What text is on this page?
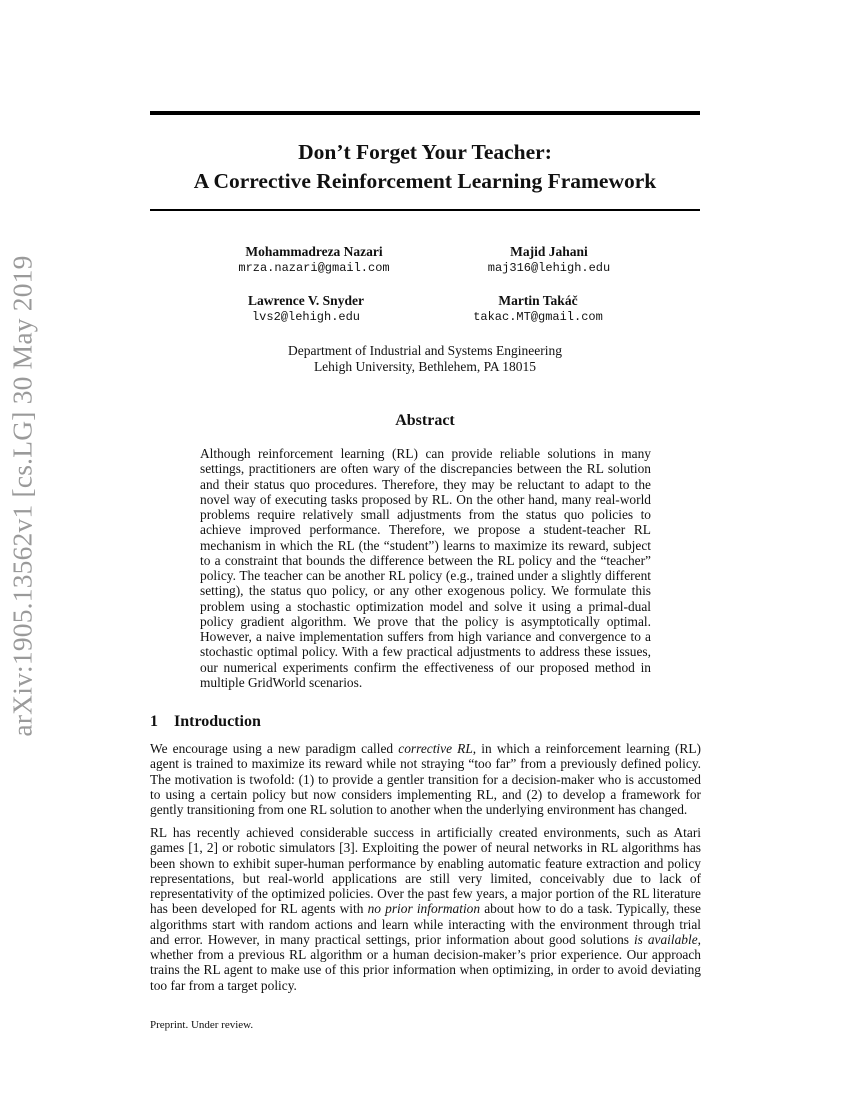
arXiv:1905.13562v1 [cs.LG] 30 May 2019
Don’t Forget Your Teacher:
A Corrective Reinforcement Learning Framework
Mohammadreza Nazari
mrza.nazari@gmail.com
Majid Jahani
maj316@lehigh.edu
Lawrence V. Snyder
lvs2@lehigh.edu
Martin Takáč
takac.MT@gmail.com
Department of Industrial and Systems Engineering
Lehigh University, Bethlehem, PA 18015
Abstract

Although reinforcement learning (RL) can provide reliable solutions in many settings, practitioners are often wary of the discrepancies between the RL solution and their status quo procedures. Therefore, they may be reluctant to adapt to the novel way of executing tasks proposed by RL. On the other hand, many real-world problems require relatively small adjustments from the status quo policies to achieve improved performance. Therefore, we propose a student-teacher RL mechanism in which the RL (the “student”) learns to maximize its reward, subject to a constraint that bounds the difference between the RL policy and the “teacher” policy. The teacher can be another RL policy (e.g., trained under a slightly different setting), the status quo policy, or any other exogenous policy. We formulate this problem using a stochastic optimization model and solve it using a primal-dual policy gradient algorithm. We prove that the policy is asymptotically optimal. However, a naive implementation suffers from high variance and convergence to a stochastic optimal policy. With a few practical adjustments to address these issues, our numerical experiments confirm the effectiveness of our proposed method in multiple GridWorld scenarios.

1 Introduction

We encourage using a new paradigm called corrective RL, in which a reinforcement learning (RL) agent is trained to maximize its reward while not straying “too far” from a previously defined policy. The motivation is twofold: (1) to provide a gentler transition for a decision-maker who is accustomed to using a certain policy but now considers implementing RL, and (2) to develop a framework for gently transitioning from one RL solution to another when the underlying environment has changed.

RL has recently achieved considerable success in artificially created environments, such as Atari games [1, 2] or robotic simulators [3]. Exploiting the power of neural networks in RL algorithms has been shown to exhibit super-human performance by enabling automatic feature extraction and policy representations, but real-world applications are still very limited, conceivably due to lack of representativity of the optimized policies. Over the past few years, a major portion of the RL literature has been developed for RL agents with no prior information about how to do a task. Typically, these algorithms start with random actions and learn while interacting with the environment through trial and error. However, in many practical settings, prior information about good solutions is available, whether from a previous RL algorithm or a human decision-maker’s prior experience. Our approach trains the RL agent to make use of this prior information when optimizing, in order to avoid deviating too far from a target policy.

Preprint. Under review.
